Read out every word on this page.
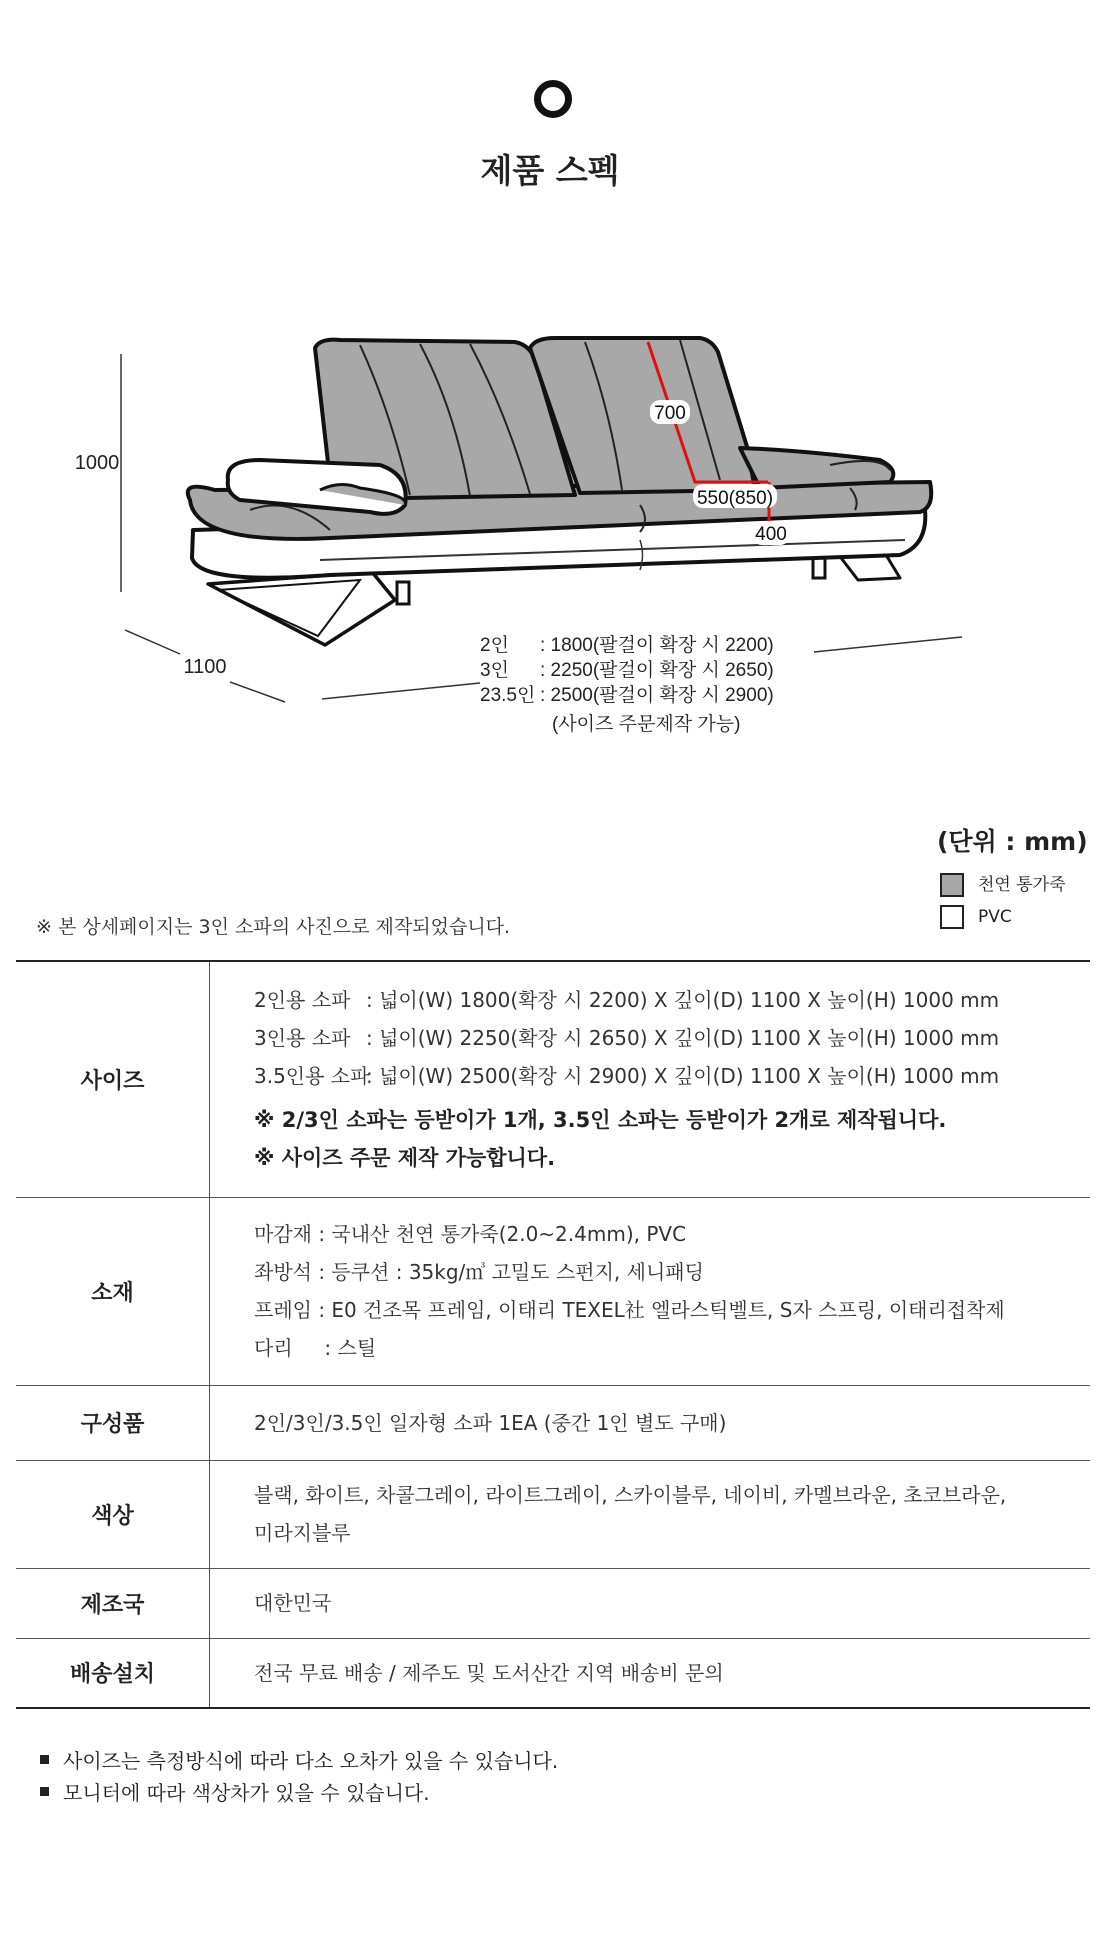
제품 스펙
1000
1100
700
550(850)
400
2인 : 1800(팔걸이 확장 시 2200)
3인 : 2250(팔걸이 확장 시 2650)
23.5인 : 2500(팔걸이 확장 시 2900)
(사이즈 주문제작 가능)
(단위 : mm)
천연 통가죽
PVC
※ 본 상세페이지는 3인 소파의 사진으로 제작되었습니다.
사이즈	2인용 소파 : 넓이(W) 1800(확장 시 2200) X 깊이(D) 1100 X 높이(H) 1000 mm
3인용 소파 : 넓이(W) 2250(확장 시 2650) X 깊이(D) 1100 X 높이(H) 1000 mm
3.5인용 소파: 넓이(W) 2500(확장 시 2900) X 깊이(D) 1100 X 높이(H) 1000 mm
※ 2/3인 소파는 등받이가 1개, 3.5인 소파는 등받이가 2개로 제작됩니다.
※ 사이즈 주문 제작 가능합니다.

소재	마감재 : 국내산 천연 통가죽(2.0~2.4mm), PVC
좌방석 : 등쿠션 : 35kg/㎥ 고밀도 스펀지, 세니패딩
프레임 : E0 건조목 프레임, 이태리 TEXEL社 엘라스틱벨트, S자 스프링, 이태리접착제
다리     : 스틸

구성품	2인/3인/3.5인 일자형 소파 1EA (중간 1인 별도 구매)
색상	블랙, 화이트, 차콜그레이, 라이트그레이, 스카이블루, 네이비, 카멜브라운, 초코브라운,
미라지블루

제조국	대한민국
배송설치	전국 무료 배송 / 제주도 및 도서산간 지역 배송비 문의
사이즈는 측정방식에 따라 다소 오차가 있을 수 있습니다.
모니터에 따라 색상차가 있을 수 있습니다.
